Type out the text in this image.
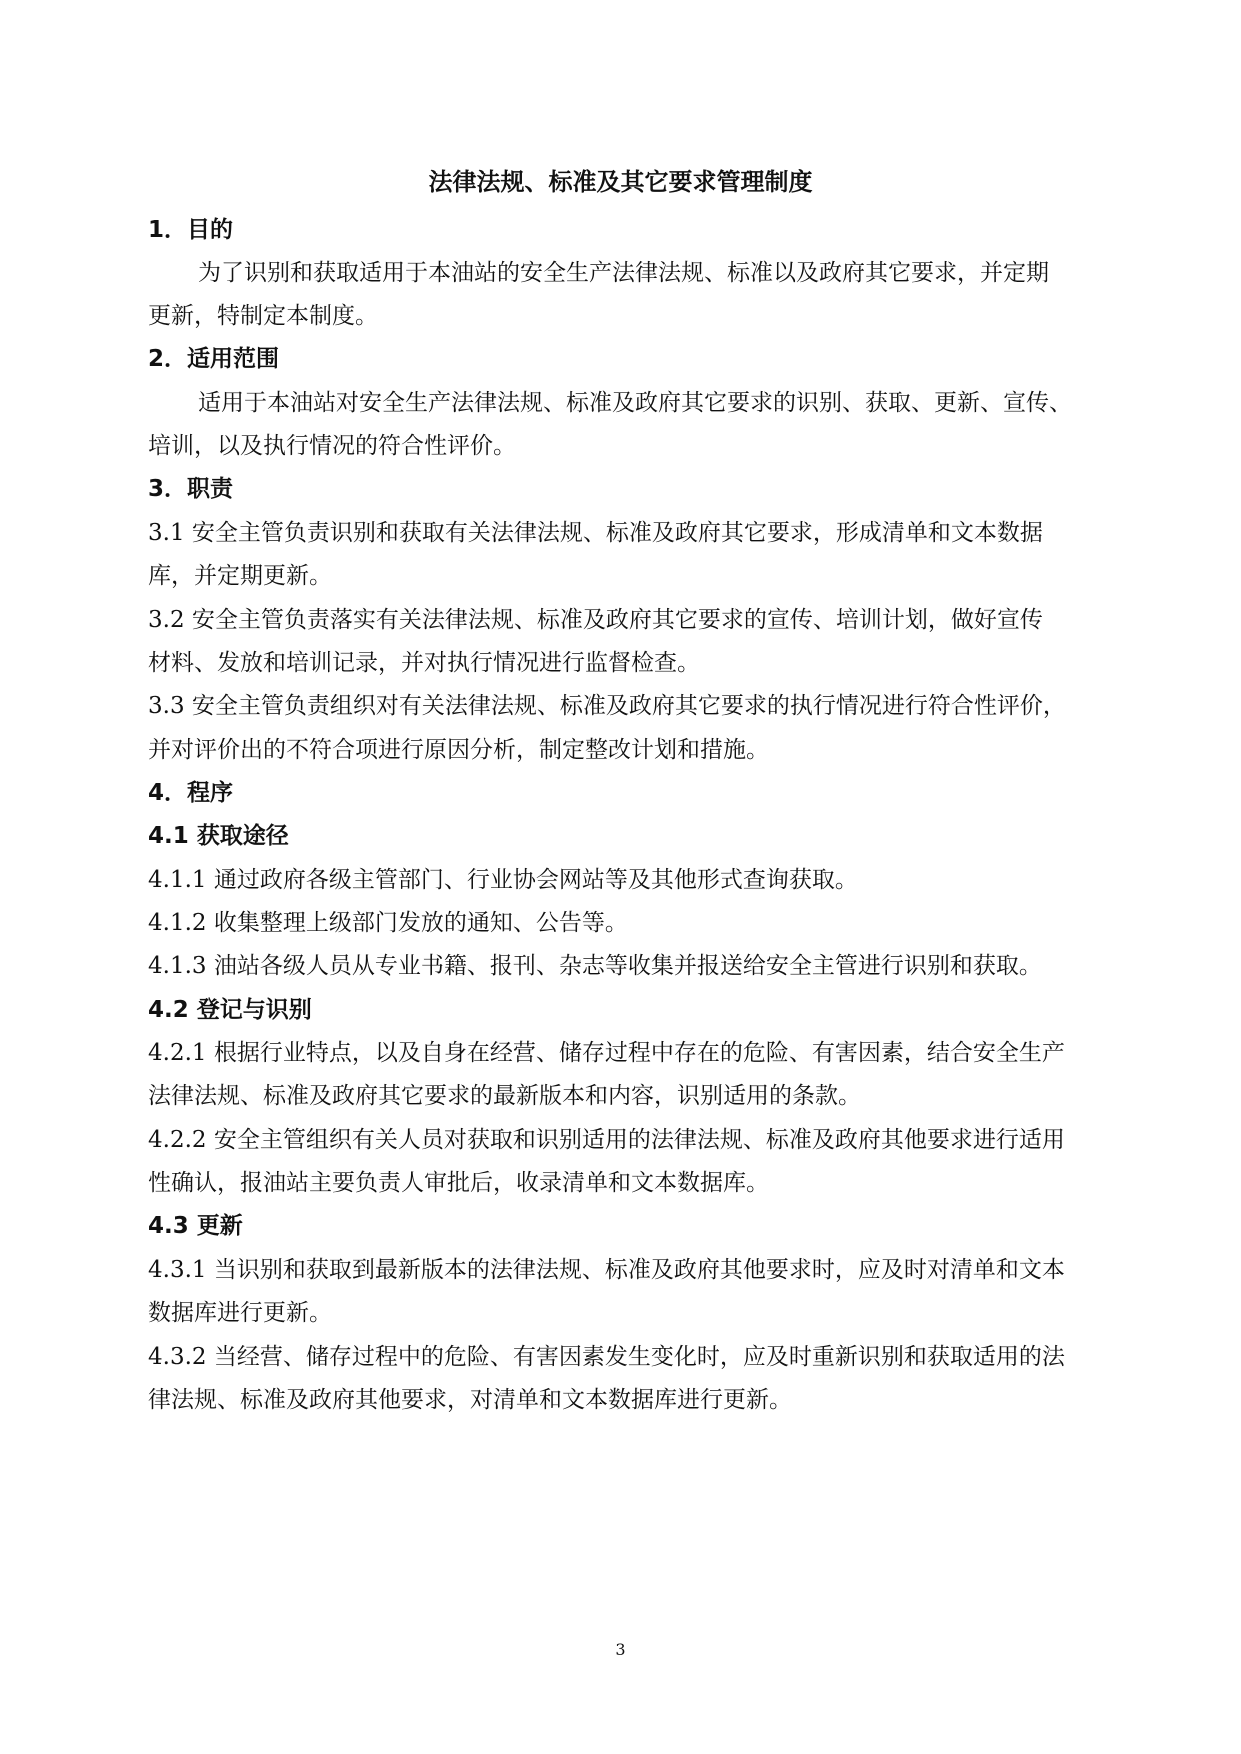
法律法规、标准及其它要求管理制度
1．目的
为了识别和获取适用于本油站的安全生产法律法规、标准以及政府其它要求，并定期
更新，特制定本制度。
2．适用范围
适用于本油站对安全生产法律法规、标准及政府其它要求的识别、获取、更新、宣传、
培训，以及执行情况的符合性评价。
3．职责
3.1 安全主管负责识别和获取有关法律法规、标准及政府其它要求，形成清单和文本数据
库，并定期更新。
3.2 安全主管负责落实有关法律法规、标准及政府其它要求的宣传、培训计划，做好宣传
材料、发放和培训记录，并对执行情况进行监督检查。
3.3 安全主管负责组织对有关法律法规、标准及政府其它要求的执行情况进行符合性评价，
并对评价出的不符合项进行原因分析，制定整改计划和措施。
4．程序
4.1 获取途径
4.1.1 通过政府各级主管部门、行业协会网站等及其他形式查询获取。
4.1.2 收集整理上级部门发放的通知、公告等。
4.1.3 油站各级人员从专业书籍、报刊、杂志等收集并报送给安全主管进行识别和获取。
4.2 登记与识别
4.2.1 根据行业特点，以及自身在经营、储存过程中存在的危险、有害因素，结合安全生产
法律法规、标准及政府其它要求的最新版本和内容，识别适用的条款。
4.2.2 安全主管组织有关人员对获取和识别适用的法律法规、标准及政府其他要求进行适用
性确认，报油站主要负责人审批后，收录清单和文本数据库。
4.3 更新
4.3.1 当识别和获取到最新版本的法律法规、标准及政府其他要求时，应及时对清单和文本
数据库进行更新。
4.3.2 当经营、储存过程中的危险、有害因素发生变化时，应及时重新识别和获取适用的法
律法规、标准及政府其他要求，对清单和文本数据库进行更新。
3
